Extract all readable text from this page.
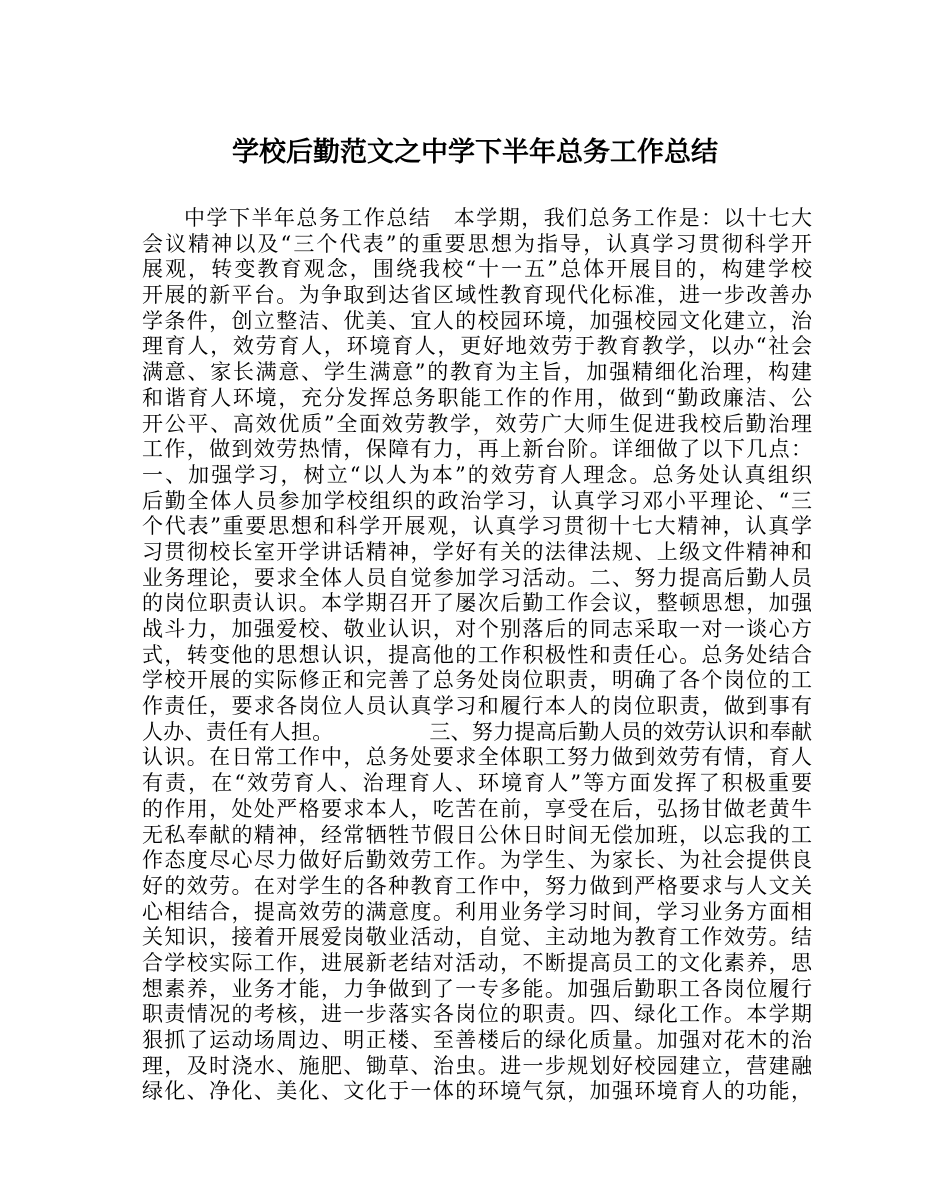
学校后勤范文之中学下半年总务工作总结
中学下半年总务工作总结　本学期，我们总务工作是：以十七大
会议精神以及“三个代表”的重要思想为指导，认真学习贯彻科学开
展观，转变教育观念，围绕我校“十一五”总体开展目的，构建学校
开展的新平台。为争取到达省区域性教育现代化标准，进一步改善办
学条件，创立整洁、优美、宜人的校园环境，加强校园文化建立，治
理育人，效劳育人，环境育人，更好地效劳于教育教学，以办“社会
满意、家长满意、学生满意”的教育为主旨，加强精细化治理，构建
和谐育人环境，充分发挥总务职能工作的作用，做到“勤政廉洁、公
开公平、高效优质”全面效劳教学，效劳广大师生促进我校后勤治理
工作，做到效劳热情，保障有力，再上新台阶。详细做了以下几点：
一、加强学习，树立“以人为本”的效劳育人理念。总务处认真组织
后勤全体人员参加学校组织的政治学习，认真学习邓小平理论、“三
个代表”重要思想和科学开展观，认真学习贯彻十七大精神，认真学
习贯彻校长室开学讲话精神，学好有关的法律法规、上级文件精神和
业务理论，要求全体人员自觉参加学习活动。二、努力提高后勤人员
的岗位职责认识。本学期召开了屡次后勤工作会议，整顿思想，加强
战斗力，加强爱校、敬业认识，对个别落后的同志采取一对一谈心方
式，转变他的思想认识，提高他的工作积极性和责任心。总务处结合
学校开展的实际修正和完善了总务处岗位职责，明确了各个岗位的工
作责任，要求各岗位人员认真学习和履行本人的岗位职责，做到事有
人办、责任有人担。　　　　　三、努力提高后勤人员的效劳认识和奉献
认识。在日常工作中，总务处要求全体职工努力做到效劳有情，育人
有责，在“效劳育人、治理育人、环境育人”等方面发挥了积极重要
的作用，处处严格要求本人，吃苦在前，享受在后，弘扬甘做老黄牛
无私奉献的精神，经常牺牲节假日公休日时间无偿加班，以忘我的工
作态度尽心尽力做好后勤效劳工作。为学生、为家长、为社会提供良
好的效劳。在对学生的各种教育工作中，努力做到严格要求与人文关
心相结合，提高效劳的满意度。利用业务学习时间，学习业务方面相
关知识，接着开展爱岗敬业活动，自觉、主动地为教育工作效劳。结
合学校实际工作，进展新老结对活动，不断提高员工的文化素养，思
想素养，业务才能，力争做到了一专多能。加强后勤职工各岗位履行
职责情况的考核，进一步落实各岗位的职责。四、绿化工作。本学期
狠抓了运动场周边、明正楼、至善楼后的绿化质量。加强对花木的治
理，及时浇水、施肥、锄草、治虫。进一步规划好校园建立，营建融
绿化、净化、美化、文化于一体的环境气氛，加强环境育人的功能，
